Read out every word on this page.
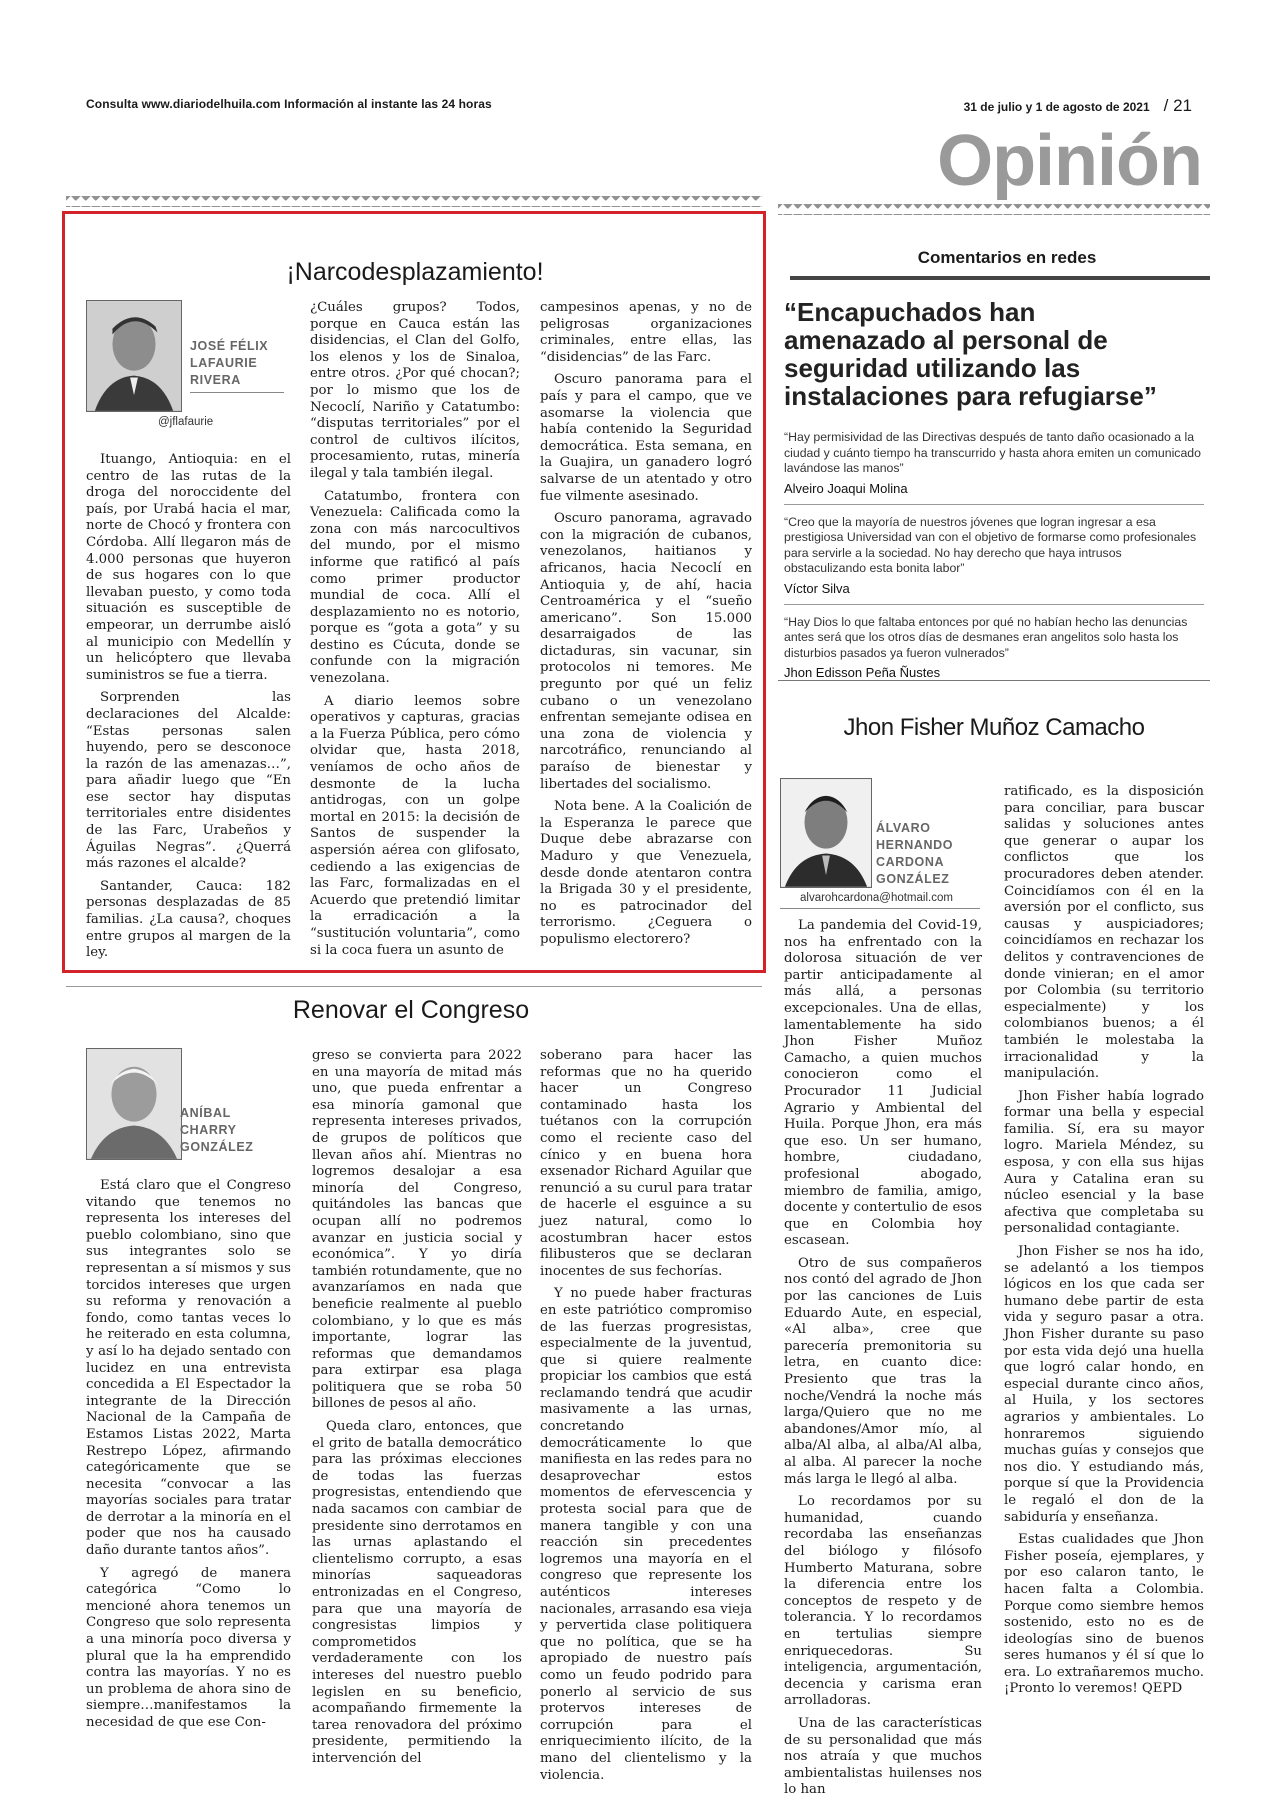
Consulta www.diariodelhuila.com Información al instante las 24 horas	31 de julio y 1 de agosto de 2021 / 21
Opinión
¡Narcodesplazamiento!
JOSÉ FÉLIX
LAFAURIE
RIVERA
@jflafaurie

Ituango, Antioquia: en el centro de las rutas de la droga del noroccidente del país, por Urabá hacia el mar, norte de Chocó y frontera con Córdoba. Allí llegaron más de 4.000 personas que huyeron de sus hogares con lo que llevaban puesto, y como toda situación es susceptible de empeorar, un derrumbe aisló al municipio con Medellín y un helicóptero que llevaba suministros se fue a tierra.

Sorprenden las declaraciones del Alcalde: “Estas personas salen huyendo, pero se desconoce la razón de las amenazas…”, para añadir luego que “En ese sector hay disputas territoriales entre disidentes de las Farc, Urabeños y Águilas Negras”. ¿Querrá más razones el alcalde?

Santander, Cauca: 182 personas desplazadas de 85 familias. ¿La causa?, choques entre grupos al margen de la ley.

¿Cuáles grupos? Todos, porque en Cauca están las disidencias, el Clan del Golfo, los elenos y los de Sinaloa, entre otros. ¿Por qué chocan?; por lo mismo que los de Necoclí, Nariño y Catatumbo: “disputas territoriales” por el control de cultivos ilícitos, procesamiento, rutas, minería ilegal y tala también ilegal.

Catatumbo, frontera con Venezuela: Calificada como la zona con más narcocultivos del mundo, por el mismo informe que ratificó al país como primer productor mundial de coca. Allí el desplazamiento no es notorio, porque es “gota a gota” y su destino es Cúcuta, donde se confunde con la migración venezolana.

A diario leemos sobre operativos y capturas, gracias a la Fuerza Pública, pero cómo olvidar que, hasta 2018, veníamos de ocho años de desmonte de la lucha antidrogas, con un golpe mortal en 2015: la decisión de Santos de suspender la aspersión aérea con glifosato, cediendo a las exigencias de las Farc, formalizadas en el Acuerdo que pretendió limitar la erradicación a la “sustitución voluntaria”, como si la coca fuera un asunto de

campesinos apenas, y no de peligrosas organizaciones criminales, entre ellas, las “disidencias” de las Farc.

Oscuro panorama para el país y para el campo, que ve asomarse la violencia que había contenido la Seguridad democrática. Esta semana, en la Guajira, un ganadero logró salvarse de un atentado y otro fue vilmente asesinado.

Oscuro panorama, agravado con la migración de cubanos, venezolanos, haitianos y africanos, hacia Necoclí en Antioquia y, de ahí, hacia Centroamérica y el “sueño americano”. Son 15.000 desarraigados de las dictaduras, sin vacunar, sin protocolos ni temores. Me pregunto por qué un feliz cubano o un venezolano enfrentan semejante odisea en una zona de violencia y narcotráfico, renunciando al paraíso de bienestar y libertades del socialismo.

Nota bene. A la Coalición de la Esperanza le parece que Duque debe abrazarse con Maduro y que Venezuela, desde donde atentaron contra la Brigada 30 y el presidente, no es patrocinador del terrorismo. ¿Ceguera o populismo electorero?

Comentarios en redes
“Encapuchados han amenazado al personal de seguridad utilizando las instalaciones para refugiarse”
“Hay permisividad de las Directivas después de tanto daño ocasionado a la ciudad y cuánto tiempo ha transcurrido y hasta ahora emiten un comunicado lavándose las manos”
Alveiro Joaqui Molina
“Creo que la mayoría de nuestros jóvenes que logran ingresar a esa prestigiosa Universidad van con el objetivo de formarse como profesionales para servirle a la sociedad. No hay derecho que haya intrusos obstaculizando esta bonita labor”
Víctor Silva
“Hay Dios lo que faltaba entonces por qué no habían hecho las denuncias antes será que los otros días de desmanes eran angelitos solo hasta los disturbios pasados ya fueron vulnerados”
Jhon Edisson Peña Ñustes
Renovar el Congreso
ANÍBAL
CHARRY
GONZÁLEZ

Está claro que el Congreso vitando que tenemos no representa los intereses del pueblo colombiano, sino que sus integrantes solo se representan a sí mismos y sus torcidos intereses que urgen su reforma y renovación a fondo, como tantas veces lo he reiterado en esta columna, y así lo ha dejado sentado con lucidez en una entrevista concedida a El Espectador la integrante de la Dirección Nacional de la Campaña de Estamos Listas 2022, Marta Restrepo López, afirmando categóricamente que se necesita “convocar a las mayorías sociales para tratar de derrotar a la minoría en el poder que nos ha causado daño durante tantos años”.

Y agregó de manera categórica “Como lo mencioné ahora tenemos un Congreso que solo representa a una minoría poco diversa y plural que la ha emprendido contra las mayorías. Y no es un problema de ahora sino de siempre…manifestamos la necesidad de que ese Con-

greso se convierta para 2022 en una mayoría de mitad más uno, que pueda enfrentar a esa minoría gamonal que representa intereses privados, de grupos de políticos que llevan años ahí. Mientras no logremos desalojar a esa minoría del Congreso, quitándoles las bancas que ocupan allí no podremos avanzar en justicia social y económica”. Y yo diría también rotundamente, que no avanzaríamos en nada que beneficie realmente al pueblo colombiano, y lo que es más importante, lograr las reformas que demandamos para extirpar esa plaga politiquera que se roba 50 billones de pesos al año.

Queda claro, entonces, que el grito de batalla democrático para las próximas elecciones de todas las fuerzas progresistas, entendiendo que nada sacamos con cambiar de presidente sino derrotamos en las urnas aplastando el clientelismo corrupto, a esas minorías saqueadoras entronizadas en el Congreso, para que una mayoría de congresistas limpios y comprometidos verdaderamente con los intereses del nuestro pueblo legislen en su beneficio, acompañando firmemente la tarea renovadora del próximo presidente, permitiendo la intervención del

soberano para hacer las reformas que no ha querido hacer un Congreso contaminado hasta los tuétanos con la corrupción como el reciente caso del cínico y en buena hora exsenador Richard Aguilar que renunció a su curul para tratar de hacerle el esguince a su juez natural, como lo acostumbran hacer estos filibusteros que se declaran inocentes de sus fechorías.

Y no puede haber fracturas en este patriótico compromiso de las fuerzas progresistas, especialmente de la juventud, que si quiere realmente propiciar los cambios que está reclamando tendrá que acudir masivamente a las urnas, concretando democráticamente lo que manifiesta en las redes para no desaprovechar estos momentos de efervescencia y protesta social para que de manera tangible y con una reacción sin precedentes logremos una mayoría en el congreso que represente los auténticos intereses nacionales, arrasando esa vieja y pervertida clase politiquera que no política, que se ha apropiado de nuestro país como un feudo podrido para ponerlo al servicio de sus protervos intereses de corrupción para el enriquecimiento ilícito, de la mano del clientelismo y la violencia.

Jhon Fisher Muñoz Camacho
ÁLVARO
HERNANDO
CARDONA
GONZÁLEZ
alvarohcardona@hotmail.com

La pandemia del Covid-19, nos ha enfrentado con la dolorosa situación de ver partir anticipadamente al más allá, a personas excepcionales. Una de ellas, lamentablemente ha sido Jhon Fisher Muñoz Camacho, a quien muchos conocieron como el Procurador 11 Judicial Agrario y Ambiental del Huila. Porque Jhon, era más que eso. Un ser humano, hombre, ciudadano, profesional abogado, miembro de familia, amigo, docente y contertulio de esos que en Colombia hoy escasean.

Otro de sus compañeros nos contó del agrado de Jhon por las canciones de Luis Eduardo Aute, en especial, «Al alba», cree que parecería premonitoria su letra, en cuanto dice: Presiento que tras la noche/Vendrá la noche más larga/Quiero que no me abandones/Amor mío, al alba/Al alba, al alba/Al alba, al alba. Al parecer la noche más larga le llegó al alba.

Lo recordamos por su humanidad, cuando recordaba las enseñanzas del biólogo y filósofo Humberto Maturana, sobre la diferencia entre los conceptos de respeto y de tolerancia. Y lo recordamos en tertulias siempre enriquecedoras. Su inteligencia, argumentación, decencia y carisma eran arrolladoras.

Una de las características de su personalidad que más nos atraía y que muchos ambientalistas huilenses nos lo han

ratificado, es la disposición para conciliar, para buscar salidas y soluciones antes que generar o aupar los conflictos que los procuradores deben atender. Coincidíamos con él en la aversión por el conflicto, sus causas y auspiciadores; coincidíamos en rechazar los delitos y contravenciones de donde vinieran; en el amor por Colombia (su territorio especialmente) y los colombianos buenos; a él también le molestaba la irracionalidad y la manipulación.

Jhon Fisher había logrado formar una bella y especial familia. Sí, era su mayor logro. Mariela Méndez, su esposa, y con ella sus hijas Aura y Catalina eran su núcleo esencial y la base afectiva que completaba su personalidad contagiante.

Jhon Fisher se nos ha ido, se adelantó a los tiempos lógicos en los que cada ser humano debe partir de esta vida y seguro pasar a otra. Jhon Fisher durante su paso por esta vida dejó una huella que logró calar hondo, en especial durante cinco años, al Huila, y los sectores agrarios y ambientales. Lo honraremos siguiendo muchas guías y consejos que nos dio. Y estudiando más, porque sí que la Providencia le regaló el don de la sabiduría y enseñanza.

Estas cualidades que Jhon Fisher poseía, ejemplares, y por eso calaron tanto, le hacen falta a Colombia. Porque como siembre hemos sostenido, esto no es de ideologías sino de buenos seres humanos y él sí que lo era. Lo extrañaremos mucho. ¡Pronto lo veremos! QEPD
